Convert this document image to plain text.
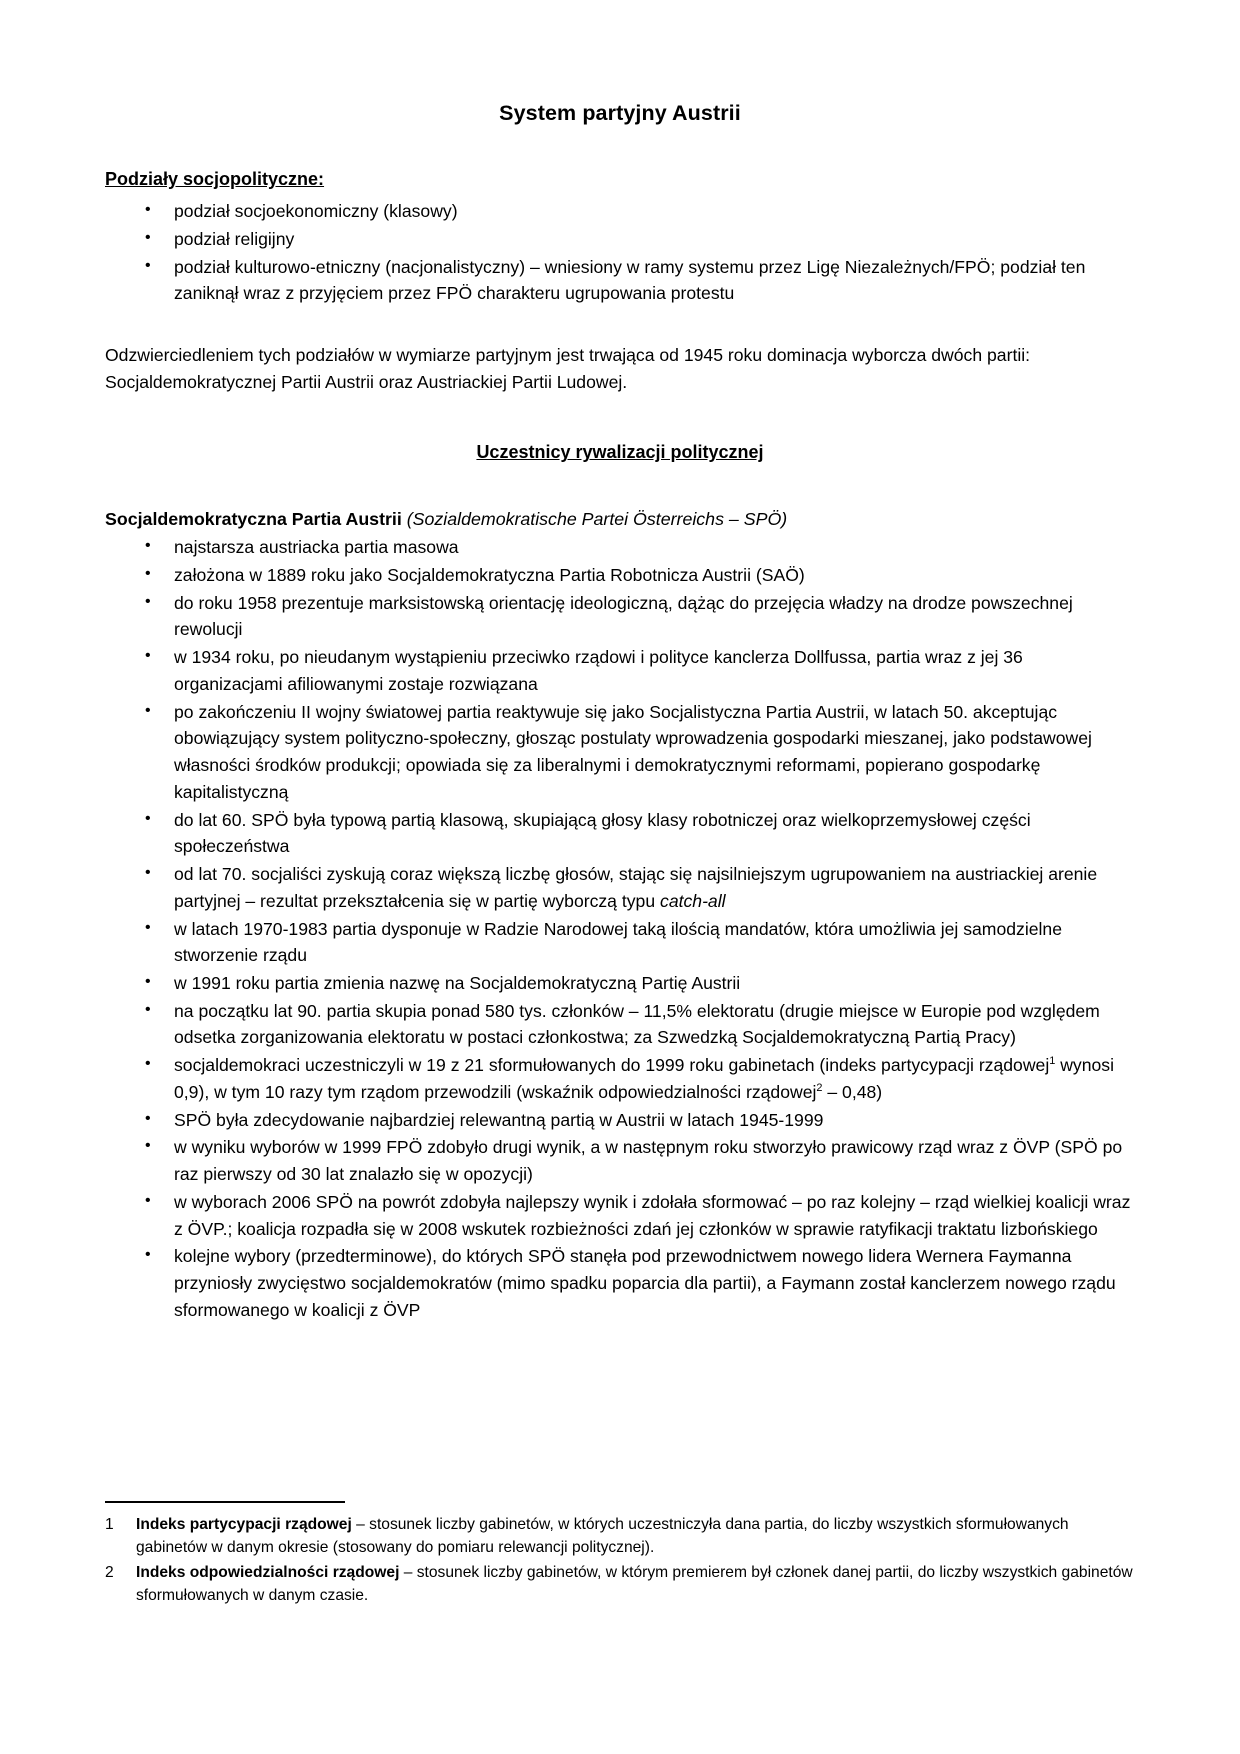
System partyjny Austrii
Podziały socjopolityczne:
• podział socjoekonomiczny (klasowy)
• podział religijny
• podział kulturowo-etniczny (nacjonalistyczny) – wniesiony w ramy systemu przez Ligę Niezależnych/FPÖ; podział ten zaniknął wraz z przyjęciem przez FPÖ charakteru ugrupowania protestu

Odzwierciedleniem tych podziałów w wymiarze partyjnym jest trwająca od 1945 roku dominacja wyborcza dwóch partii: Socjaldemokratycznej Partii Austrii oraz Austriackiej Partii Ludowej.

Uczestnicy rywalizacji politycznej

Socjaldemokratyczna Partia Austrii (Sozialdemokratische Partei Österreichs – SPÖ)

• najstarsza austriacka partia masowa
• założona w 1889 roku jako Socjaldemokratyczna Partia Robotnicza Austrii (SAÖ)
• do roku 1958 prezentuje marksistowską orientację ideologiczną, dążąc do przejęcia władzy na drodze powszechnej rewolucji
• w 1934 roku, po nieudanym wystąpieniu przeciwko rządowi i polityce kanclerza Dollfussa, partia wraz z jej 36 organizacjami afiliowanymi zostaje rozwiązana
• po zakończeniu II wojny światowej partia reaktywuje się jako Socjalistyczna Partia Austrii, w latach 50. akceptując obowiązujący system polityczno-społeczny, głosząc postulaty wprowadzenia gospodarki mieszanej, jako podstawowej własności środków produkcji; opowiada się za liberalnymi i demokratycznymi reformami, popierano gospodarkę kapitalistyczną
• do lat 60. SPÖ była typową partią klasową, skupiającą głosy klasy robotniczej oraz wielkoprzemysłowej części społeczeństwa
• od lat 70. socjaliści zyskują coraz większą liczbę głosów, stając się najsilniejszym ugrupowaniem na austriackiej arenie partyjnej – rezultat przekształcenia się w partię wyborczą typu catch-all
• w latach 1970-1983 partia dysponuje w Radzie Narodowej taką ilością mandatów, która umożliwia jej samodzielne stworzenie rządu
• w 1991 roku partia zmienia nazwę na Socjaldemokratyczną Partię Austrii
• na początku lat 90. partia skupia ponad 580 tys. członków – 11,5% elektoratu (drugie miejsce w Europie pod względem odsetka zorganizowania elektoratu w postaci członkostwa; za Szwedzką Socjaldemokratyczną Partią Pracy)
• socjaldemokraci uczestniczyli w 19 z 21 sformułowanych do 1999 roku gabinetach (indeks partycypacji rządowej$^1$ wynosi 0,9), w tym 10 razy tym rządom przewodzili (wskaźnik odpowiedzialności rządowej$^2$ – 0,48)
• SPÖ była zdecydowanie najbardziej relewantną partią w Austrii w latach 1945-1999
• w wyniku wyborów w 1999 FPÖ zdobyło drugi wynik, a w następnym roku stworzyło prawicowy rząd wraz z ÖVP (SPÖ po raz pierwszy od 30 lat znalazło się w opozycji)
• w wyborach 2006 SPÖ na powrót zdobyła najlepszy wynik i zdołała sformować – po raz kolejny – rząd wielkiej koalicji wraz z ÖVP.; koalicja rozpadła się w 2008 wskutek rozbieżności zdań jej członków w sprawie ratyfikacji traktatu lizbońskiego
• kolejne wybory (przedterminowe), do których SPÖ stanęła pod przewodnictwem nowego lidera Wernera Faymanna przyniosły zwycięstwo socjaldemokratów (mimo spadku poparcia dla partii), a Faymann został kanclerzem nowego rządu sformowanego w koalicji z ÖVP
1 Indeks partycypacji rządowej – stosunek liczby gabinetów, w których uczestniczyła dana partia, do liczby wszystkich sformułowanych gabinetów w danym okresie (stosowany do pomiaru relewancji politycznej).
2 Indeks odpowiedzialności rządowej – stosunek liczby gabinetów, w którym premierem był członek danej partii, do liczby wszystkich gabinetów sformułowanych w danym czasie.
